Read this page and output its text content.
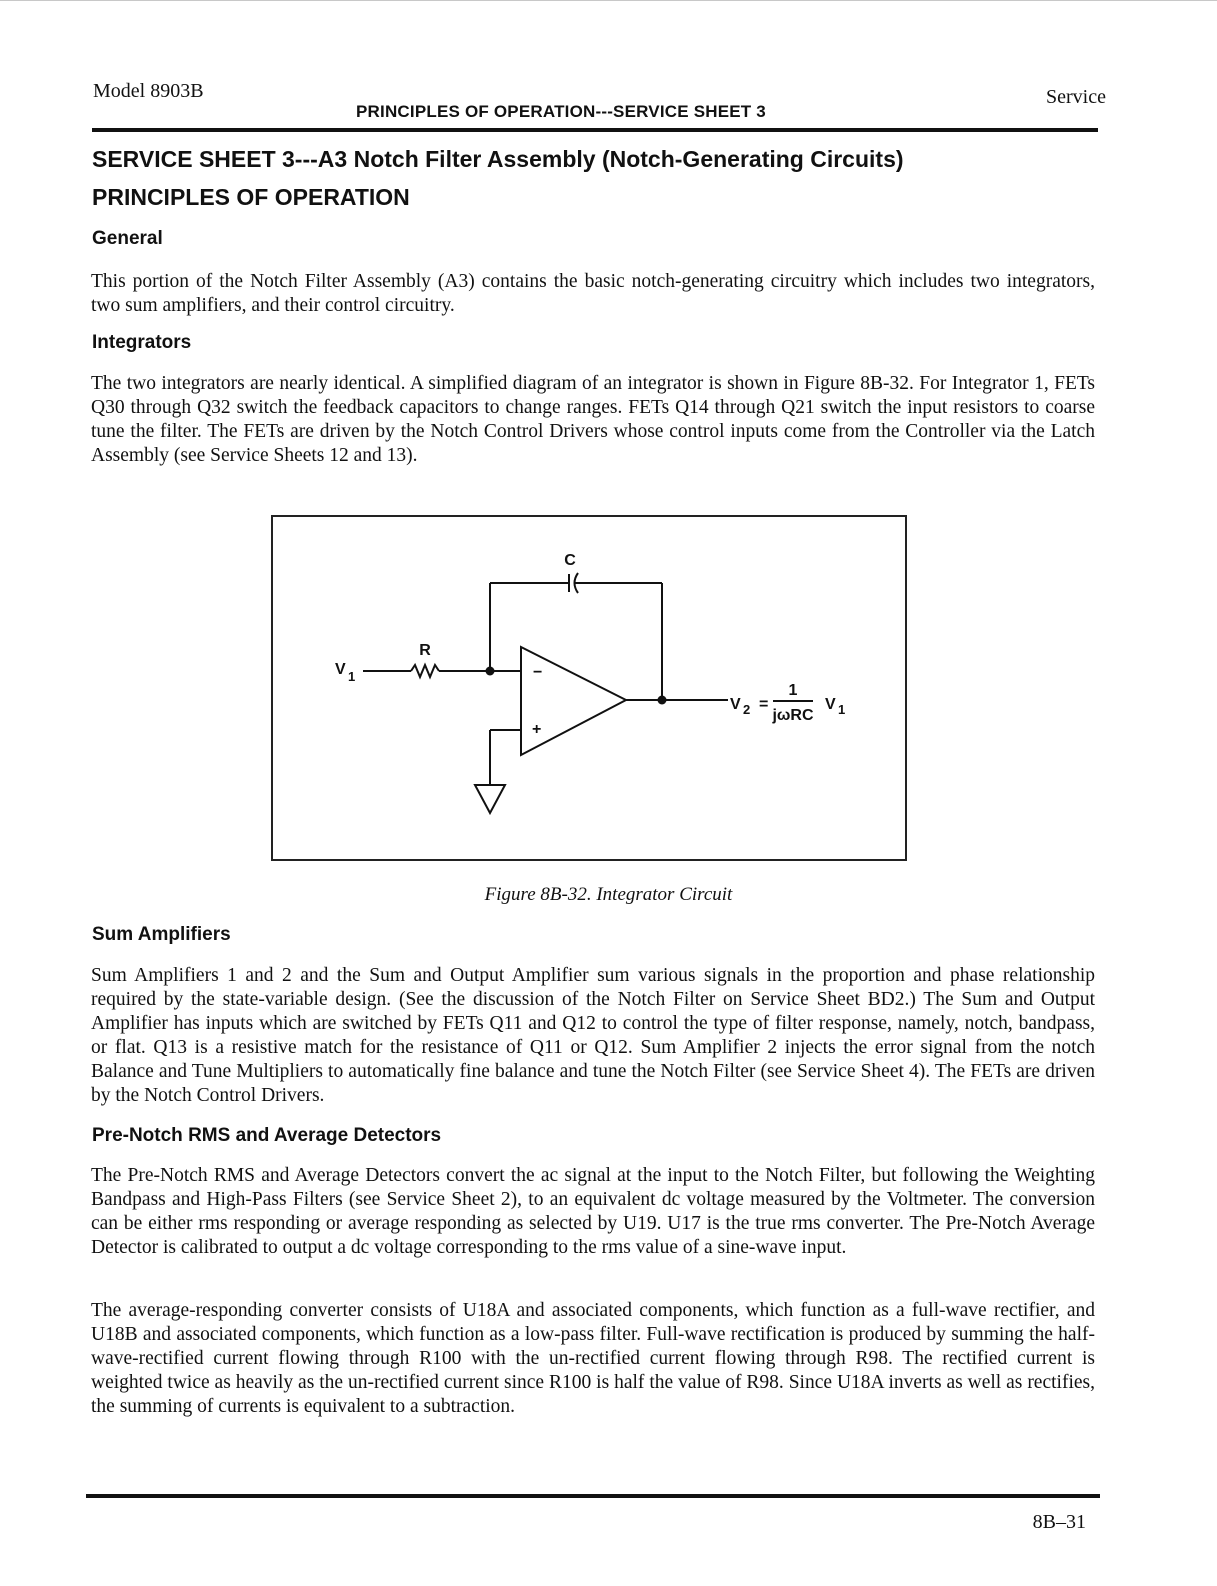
Model 8903B
PRINCIPLES OF OPERATION---SERVICE SHEET 3
Service
SERVICE SHEET 3---A3 Notch Filter Assembly (Notch-Generating Circuits)
PRINCIPLES OF OPERATION
General

This portion of the Notch Filter Assembly (A3) contains the basic notch-generating circuitry which includes two integrators, two sum amplifiers, and their control circuitry.

Integrators

The two integrators are nearly identical. A simplified diagram of an integrator is shown in Figure 8B-32. For Integrator 1, FETs Q30 through Q32 switch the feedback capacitors to change ranges. FETs Q14 through Q21 switch the input resistors to coarse tune the filter. The FETs are driven by the Notch Control Drivers whose control inputs come from the Controller via the Latch Assembly (see Service Sheets 12 and 13).

C
R
V 1	−
+
V 2 =
1
jωRC
V 1
Figure 8B-32. Integrator Circuit
Sum Amplifiers

Sum Amplifiers 1 and 2 and the Sum and Output Amplifier sum various signals in the proportion and phase relationship required by the state-variable design. (See the discussion of the Notch Filter on Service Sheet BD2.) The Sum and Output Amplifier has inputs which are switched by FETs Q11 and Q12 to control the type of filter response, namely, notch, bandpass, or flat. Q13 is a resistive match for the resistance of Q11 or Q12. Sum Amplifier 2 injects the error signal from the notch Balance and Tune Multipliers to automatically fine balance and tune the Notch Filter (see Service Sheet 4). The FETs are driven by the Notch Control Drivers.

Pre-Notch RMS and Average Detectors

The Pre-Notch RMS and Average Detectors convert the ac signal at the input to the Notch Filter, but following the Weighting Bandpass and High-Pass Filters (see Service Sheet 2), to an equivalent dc voltage measured by the Voltmeter. The conversion can be either rms responding or average responding as selected by U19. U17 is the true rms converter. The Pre-Notch Average Detector is calibrated to output a dc voltage corresponding to the rms value of a sine-wave input.

The average-responding converter consists of U18A and associated components, which function as a full-wave rectifier, and U18B and associated components, which function as a low-pass filter. Full-wave rectification is produced by summing the half-wave-rectified current flowing through R100 with the un-rectified current flowing through R98. The rectified current is weighted twice as heavily as the un-rectified current since R100 is half the value of R98. Since U18A inverts as well as rectifies, the summing of currents is equivalent to a subtraction.

8B–31
